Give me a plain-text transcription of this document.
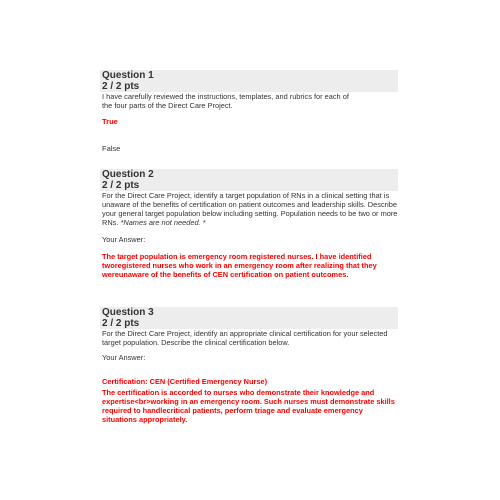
Question 1
2 / 2 pts
I have carefully reviewed the instructions, templates, and rubrics for each of
the four parts of the Direct Care Project.
True
False
Question 2
2 / 2 pts
For the Direct Care Project, identify a target population of RNs in a clinical setting that is unaware of the benefits of certification on patient outcomes and leadership skills. Describe your general target population below including setting. Population needs to be two or more RNs. *Names are not needed. *
Your Answer:
The target population is emergency room registered nurses. I have identified tworegistered nurses who work in an emergency room after realizing that they wereunaware of the benefits of CEN certification on patient outcomes.
Question 3
2 / 2 pts
For the Direct Care Project, identify an appropriate clinical certification for your selected target population. Describe the clinical certification below.
Your Answer:
Certification: CEN (Certified Emergency Nurse)
The certification is accorded to nurses who demonstrate their knowledge and expertise<br>working in an emergency room. Such nurses must demonstrate skills required to handlecritical patients, perform triage and evaluate emergency situations appropriately.
